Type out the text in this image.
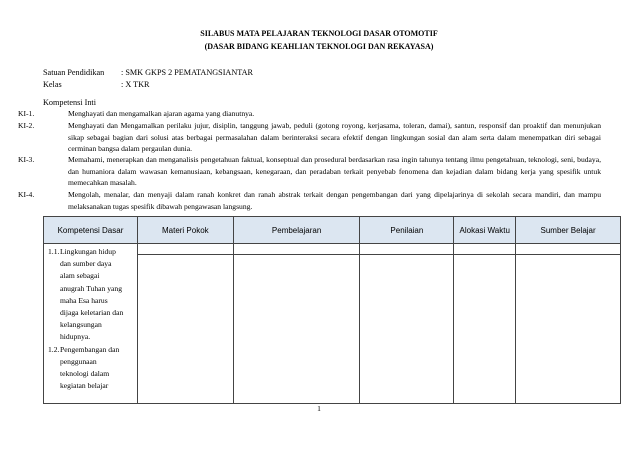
SILABUS MATA PELAJARAN TEKNOLOGI DASAR OTOMOTIF
(DASAR BIDANG KEAHLIAN TEKNOLOGI DAN REKAYASA)
Satuan Pendidikan : SMK GKPS 2 PEMATANGSIANTAR
Kelas	: X TKR
Kompetensi Inti
KI-1.	Menghayati dan mengamalkan ajaran agama yang dianutnya.
KI-2.	Menghayati dan Mengamalkan perilaku jujur, disiplin, tanggung jawab, peduli (gotong royong, kerjasama, toleran, damai), santun, responsif dan proaktif dan menunjukan sikap sebagai bagian dari solusi atas berbagai permasalahan dalam berinteraksi secara efektif dengan lingkungan sosial dan alam serta dalam menempatkan diri sebagai cerminan bangsa dalam pergaulan dunia.
KI-3.	Memahami, menerapkan dan menganalisis pengetahuan faktual, konseptual dan prosedural berdasarkan rasa ingin tahunya tentang ilmu pengetahuan, teknologi, seni, budaya, dan humaniora dalam wawasan kemanusiaan, kebangsaan, kenegaraan, dan peradaban terkait penyebab fenomena dan kejadian dalam bidang kerja yang spesifik untuk memecahkan masalah.
KI-4.	Mengolah, menalar, dan menyaji dalam ranah konkret dan ranah abstrak terkait dengan pengembangan dari yang dipelajarinya di sekolah secara mandiri, dan mampu melaksanakan tugas spesifik dibawah pengawasan langsung.
Kompetensi Dasar	Materi Pokok	Pembelajaran	Penilaian	Alokasi Waktu	Sumber Belajar

1.1. Lingkungan hidup dan sumber daya alam sebagai anugrah Tuhan yang maha Esa harus dijaga keletarian dan kelangsungan hidupnya.
1.2. Pengembangan dan penggunaan teknologi dalam kegiatan belajar					

1
